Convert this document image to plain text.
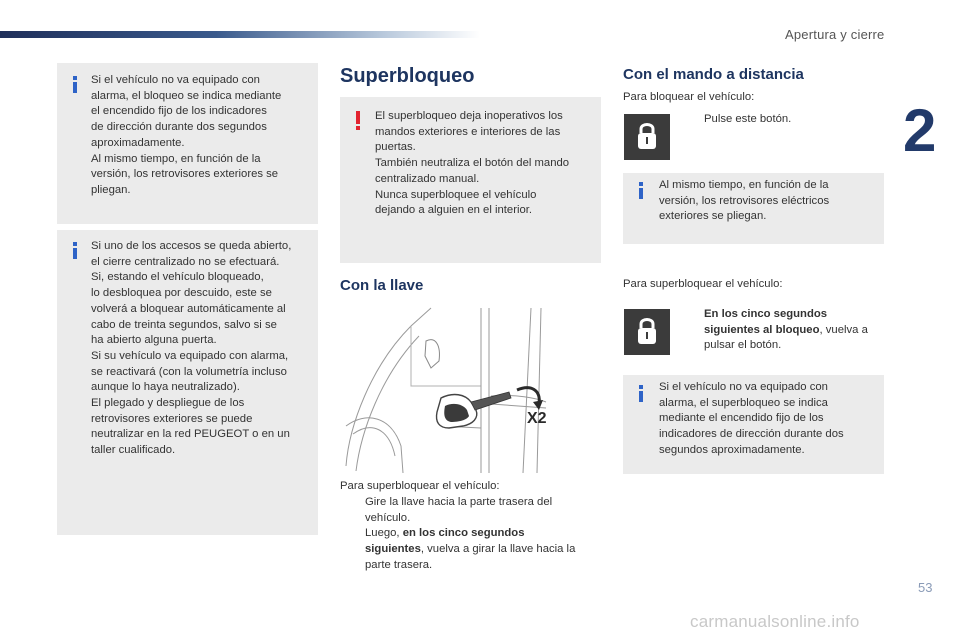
Apertura y cierre
2

Si el vehículo no va equipado con

alarma, el bloqueo se indica mediante

el encendido fijo de los indicadores

de dirección durante dos segundos

aproximadamente.

Al mismo tiempo, en función de la

versión, los retrovisores exteriores se

pliegan.

Si uno de los accesos se queda abierto,

el cierre centralizado no se efectuará.

Si, estando el vehículo bloqueado,

lo desbloquea por descuido, este se

volverá a bloquear automáticamente al

cabo de treinta segundos, salvo si se

ha abierto alguna puerta.

Si su vehículo va equipado con alarma,

se reactivará (con la volumetría incluso

aunque lo haya neutralizado).

El plegado y despliegue de los

retrovisores exteriores se puede

neutralizar en la red PEUGEOT o en un

taller cualificado.

Superbloqueo

El superbloqueo deja inoperativos los

mandos exteriores e interiores de las

puertas.

También neutraliza el botón del mando

centralizado manual.

Nunca superbloquee el vehículo

dejando a alguien en el interior.

Con la llave
X2

Para superbloquear el vehículo:

Gire la llave hacia la parte trasera del
vehículo.
Luego, en los cinco segundos
siguientes, vuelva a girar la llave hacia la
parte trasera.
Con el mando a distancia

Para bloquear el vehículo:

Pulse este botón.

Al mismo tiempo, en función de la

versión, los retrovisores eléctricos

exteriores se pliegan.

Para superbloquear el vehículo:

En los cinco segundos
siguientes al bloqueo, vuelva a
pulsar el botón.

Si el vehículo no va equipado con

alarma, el superbloqueo se indica

mediante el encendido fijo de los

indicadores de dirección durante dos

segundos aproximadamente.

53
carmanualsonline.info
